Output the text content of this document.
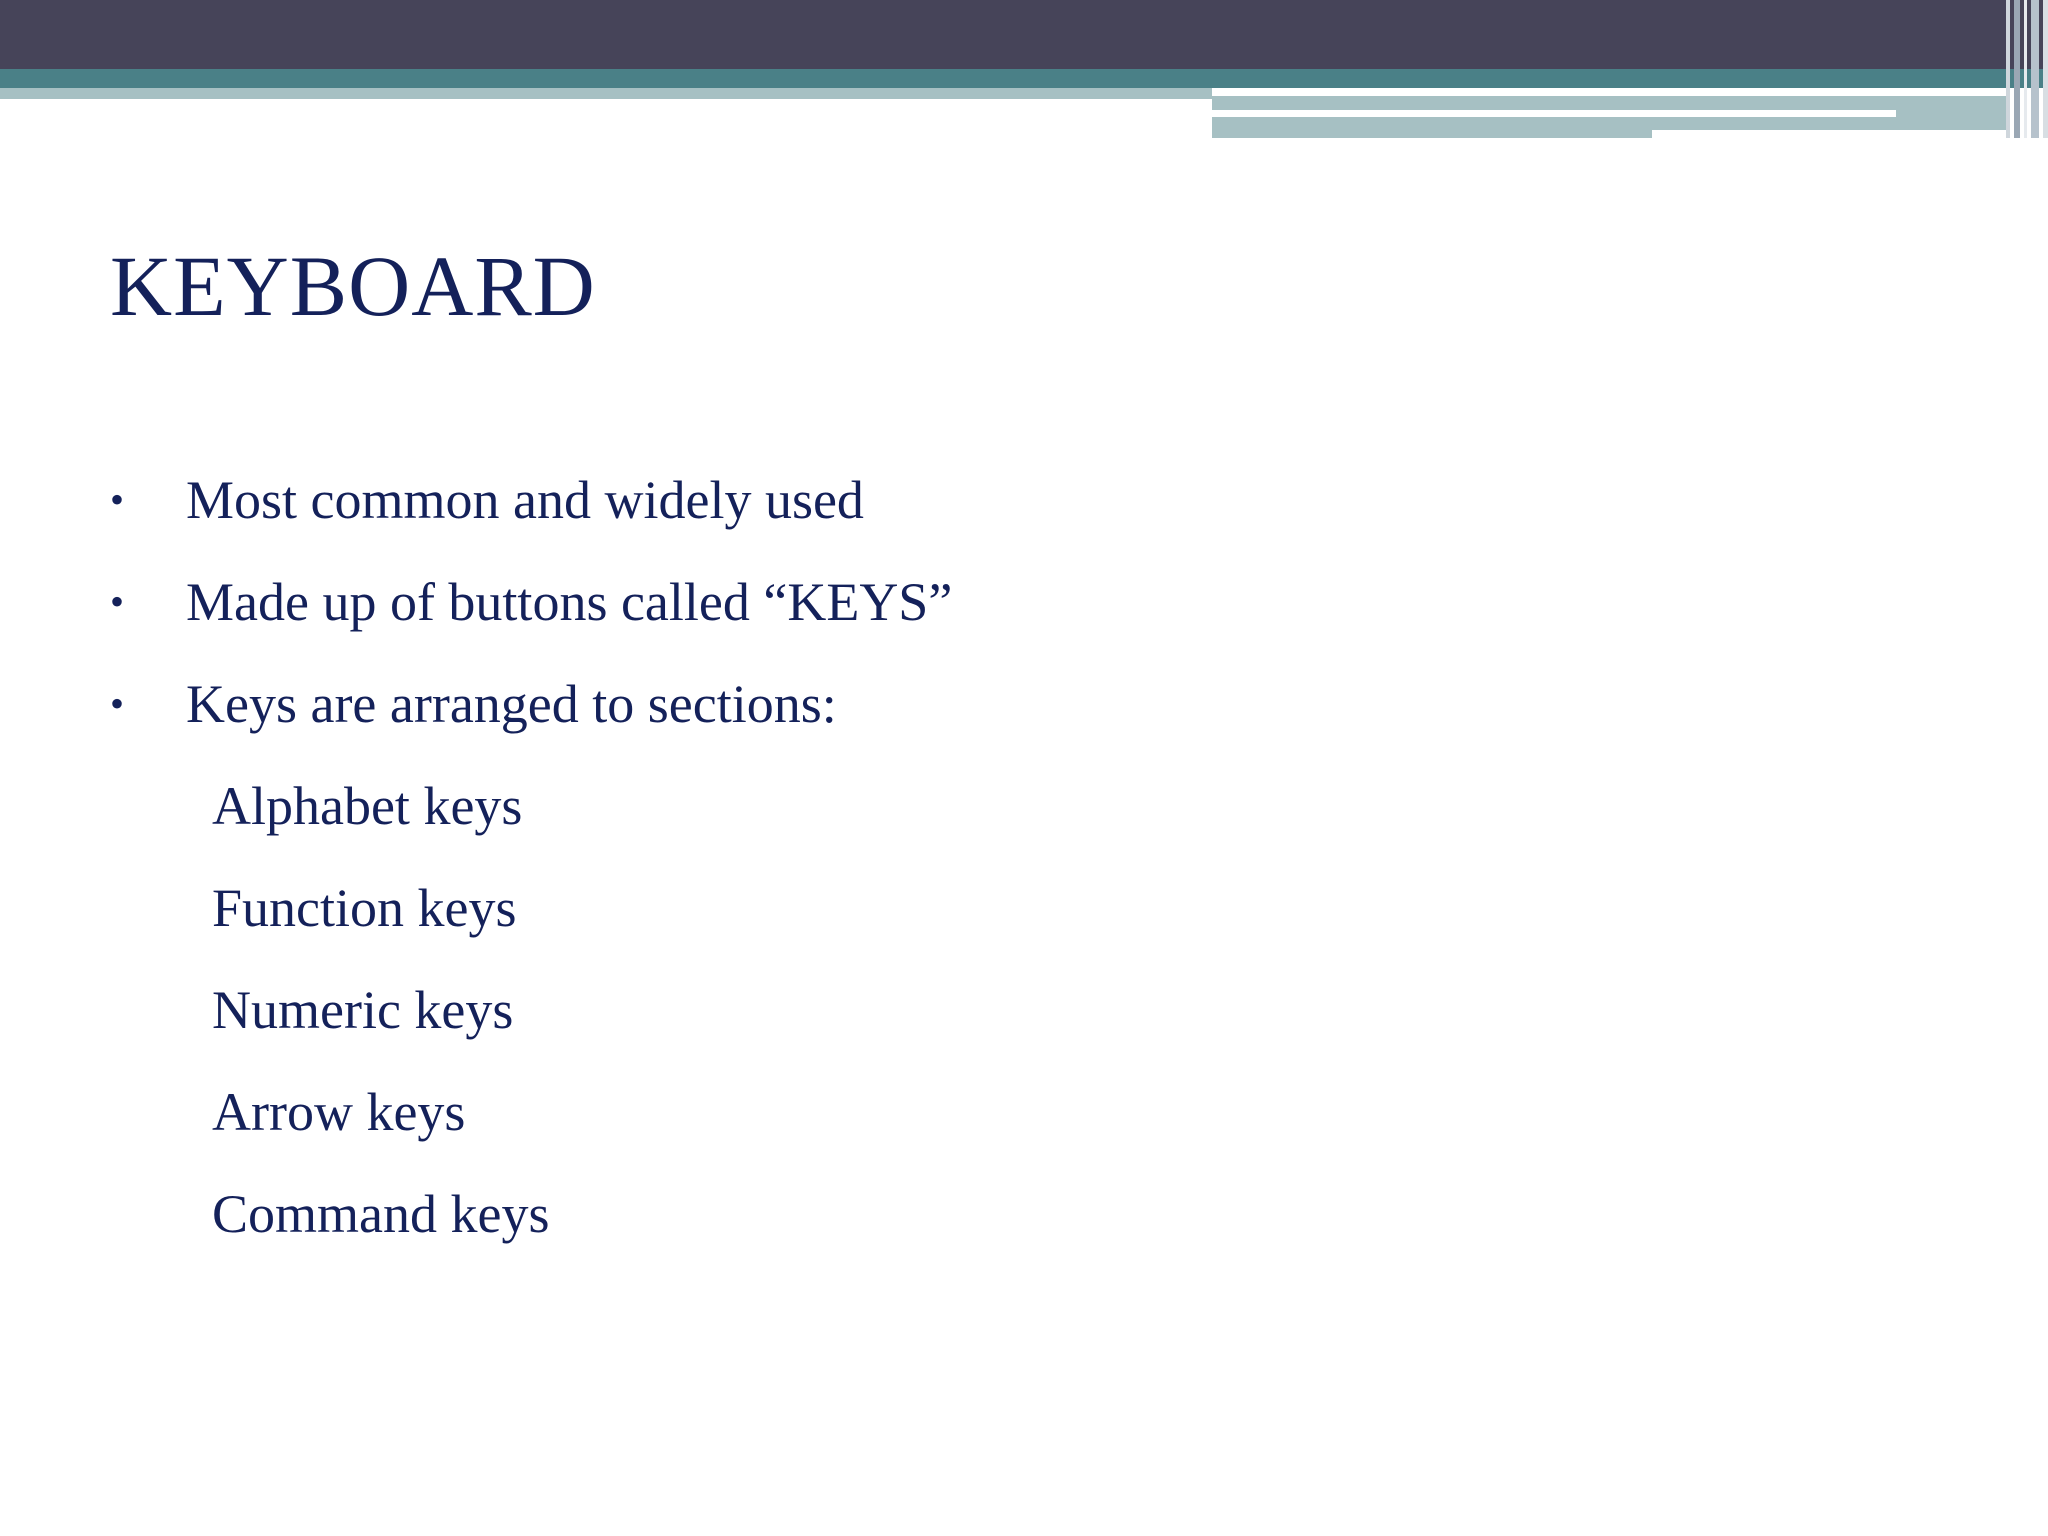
KEYBOARD
•	Most common and widely used
•	Made up of buttons called “KEYS”
•	Keys are arranged to sections:
Alphabet keys
Function keys
Numeric keys
Arrow keys
Command keys
